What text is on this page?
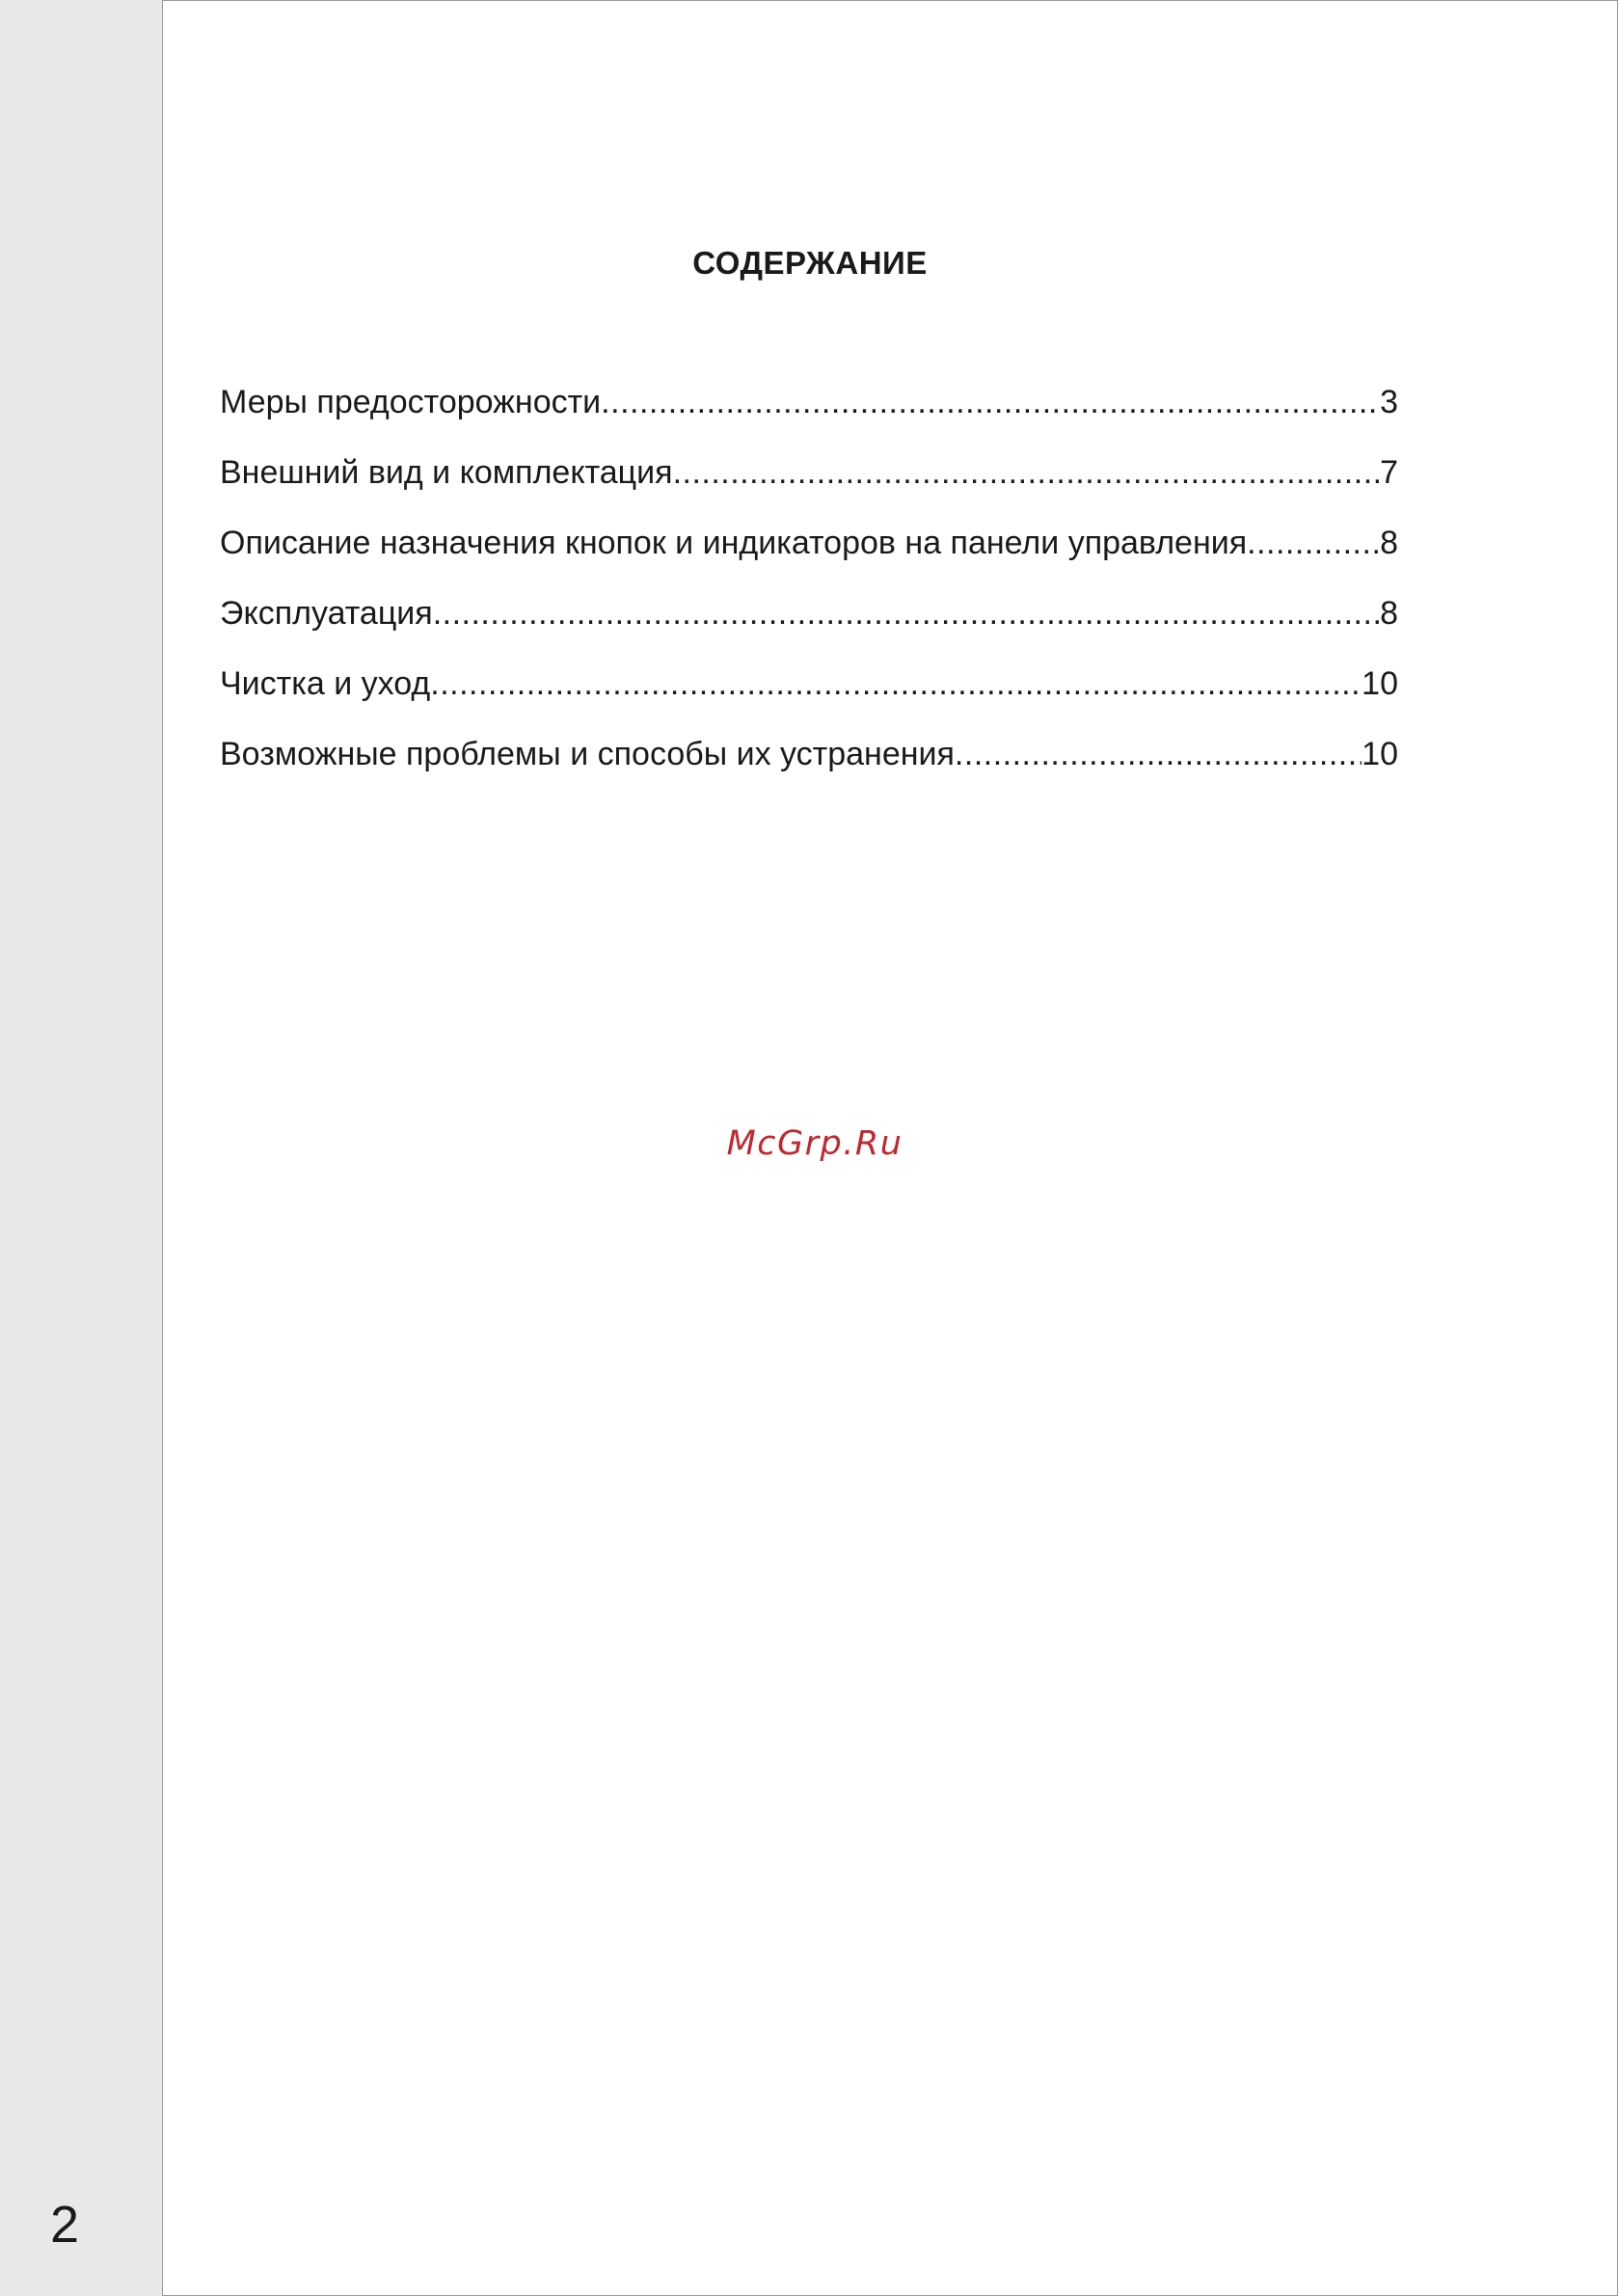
СОДЕРЖАНИЕ
Меры предосторожности .....	3
Внешний вид и комплектация .....	7
Описание назначения кнопок и индикаторов на панели управления .....	8
Эксплуатация .....	8
Чистка и уход .....	10
Возможные проблемы и способы их устранения .....	10
McGrp.Ru
2
